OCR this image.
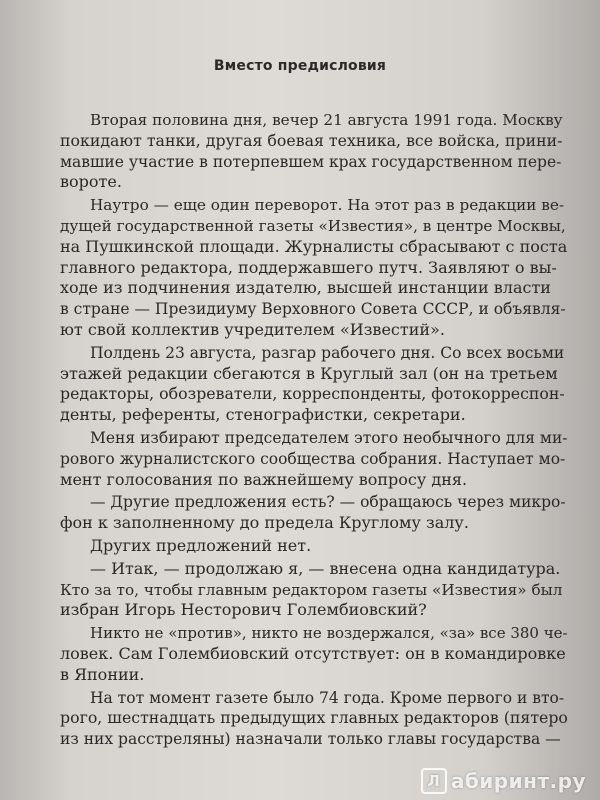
Вместо предисловия
Вторая половина дня, вечер 21 августа 1991 года. Москву
покидают танки, другая боевая техника, все войска, прини-
мавшие участие в потерпевшем крах государственном пере-
вороте.
Наутро — еще один переворот. На этот раз в редакции ве-
дущей государственной газеты «Известия», в центре Москвы,
на Пушкинской площади. Журналисты сбрасывают с поста
главного редактора, поддержавшего путч. Заявляют о вы-
ходе из подчинения издателю, высшей инстанции власти
в стране — Президиуму Верховного Совета СССР, и объявля-
ют свой коллектив учредителем «Известий».
Полдень 23 августа, разгар рабочего дня. Со всех восьми
этажей редакции сбегаются в Круглый зал (он на третьем
редакторы, обозреватели, корреспонденты, фотокорреспон-
денты, референты, стенографистки, секретари.
Меня избирают председателем этого необычного для ми-
рового журналистского сообщества собрания. Наступает мо-
мент голосования по важнейшему вопросу дня.
— Другие предложения есть? — обращаюсь через микро-
фон к заполненному до предела Круглому залу.
Других предложений нет.
— Итак, — продолжаю я, — внесена одна кандидатура.
Кто за то, чтобы главным редактором газеты «Известия» был
избран Игорь Несторович Голембиовский?
Никто не «против», никто не воздержался, «за» все 380 че-
ловек. Сам Голембиовский отсутствует: он в командировке
в Японии.
На тот момент газете было 74 года. Кроме первого и вто-
рого, шестнадцать предыдущих главных редакторов (пятеро
из них расстреляны) назначали только главы государства —
Л абиринт.ру
